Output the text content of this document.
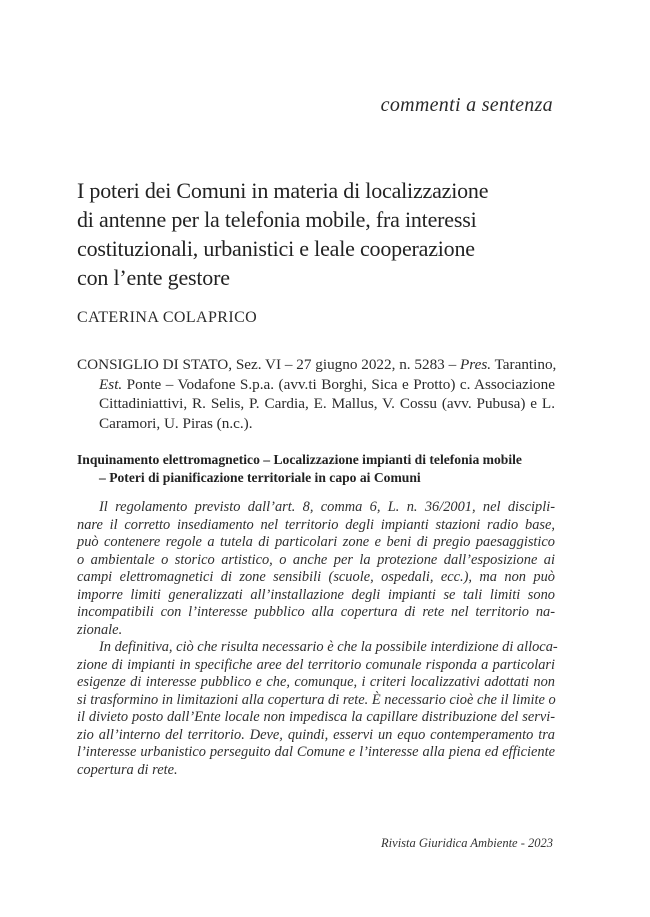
commenti a sentenza
I poteri dei Comuni in materia di localizzazione
di antenne per la telefonia mobile, fra interessi
costituzionali, urbanistici e leale cooperazione
con l’ente gestore
CATERINA COLAPRICO
CONSIGLIO DI STATO, Sez. VI – 27 giugno 2022, n. 5283 – Pres. Tarantino,
Est. Ponte – Vodafone S.p.a. (avv.ti Borghi, Sica e Protto) c. Associazione
Cittadiniattivi, R. Selis, P. Cardia, E. Mallus, V. Cossu (avv. Pubusa) e L.
Caramori, U. Piras (n.c.).
Inquinamento elettromagnetico – Localizzazione impianti di telefonia mobile
– Poteri di pianificazione territoriale in capo ai Comuni
Il regolamento previsto dall’art. 8, comma 6, L. n. 36/2001, nel discipli-
nare il corretto insediamento nel territorio degli impianti stazioni radio base,
può contenere regole a tutela di particolari zone e beni di pregio paesaggistico
o ambientale o storico artistico, o anche per la protezione dall’esposizione ai
campi elettromagnetici di zone sensibili (scuole, ospedali, ecc.), ma non può
imporre limiti generalizzati all’installazione degli impianti se tali limiti sono
incompatibili con l’interesse pubblico alla copertura di rete nel territorio na-
zionale.
In definitiva, ciò che risulta necessario è che la possibile interdizione di alloca-
zione di impianti in specifiche aree del territorio comunale risponda a particolari
esigenze di interesse pubblico e che, comunque, i criteri localizzativi adottati non
si trasformino in limitazioni alla copertura di rete. È necessario cioè che il limite o
il divieto posto dall’Ente locale non impedisca la capillare distribuzione del servi-
zio all’interno del territorio. Deve, quindi, esservi un equo contemperamento tra
l’interesse urbanistico perseguito dal Comune e l’interesse alla piena ed efficiente
copertura di rete.
Rivista Giuridica Ambiente - 2023
